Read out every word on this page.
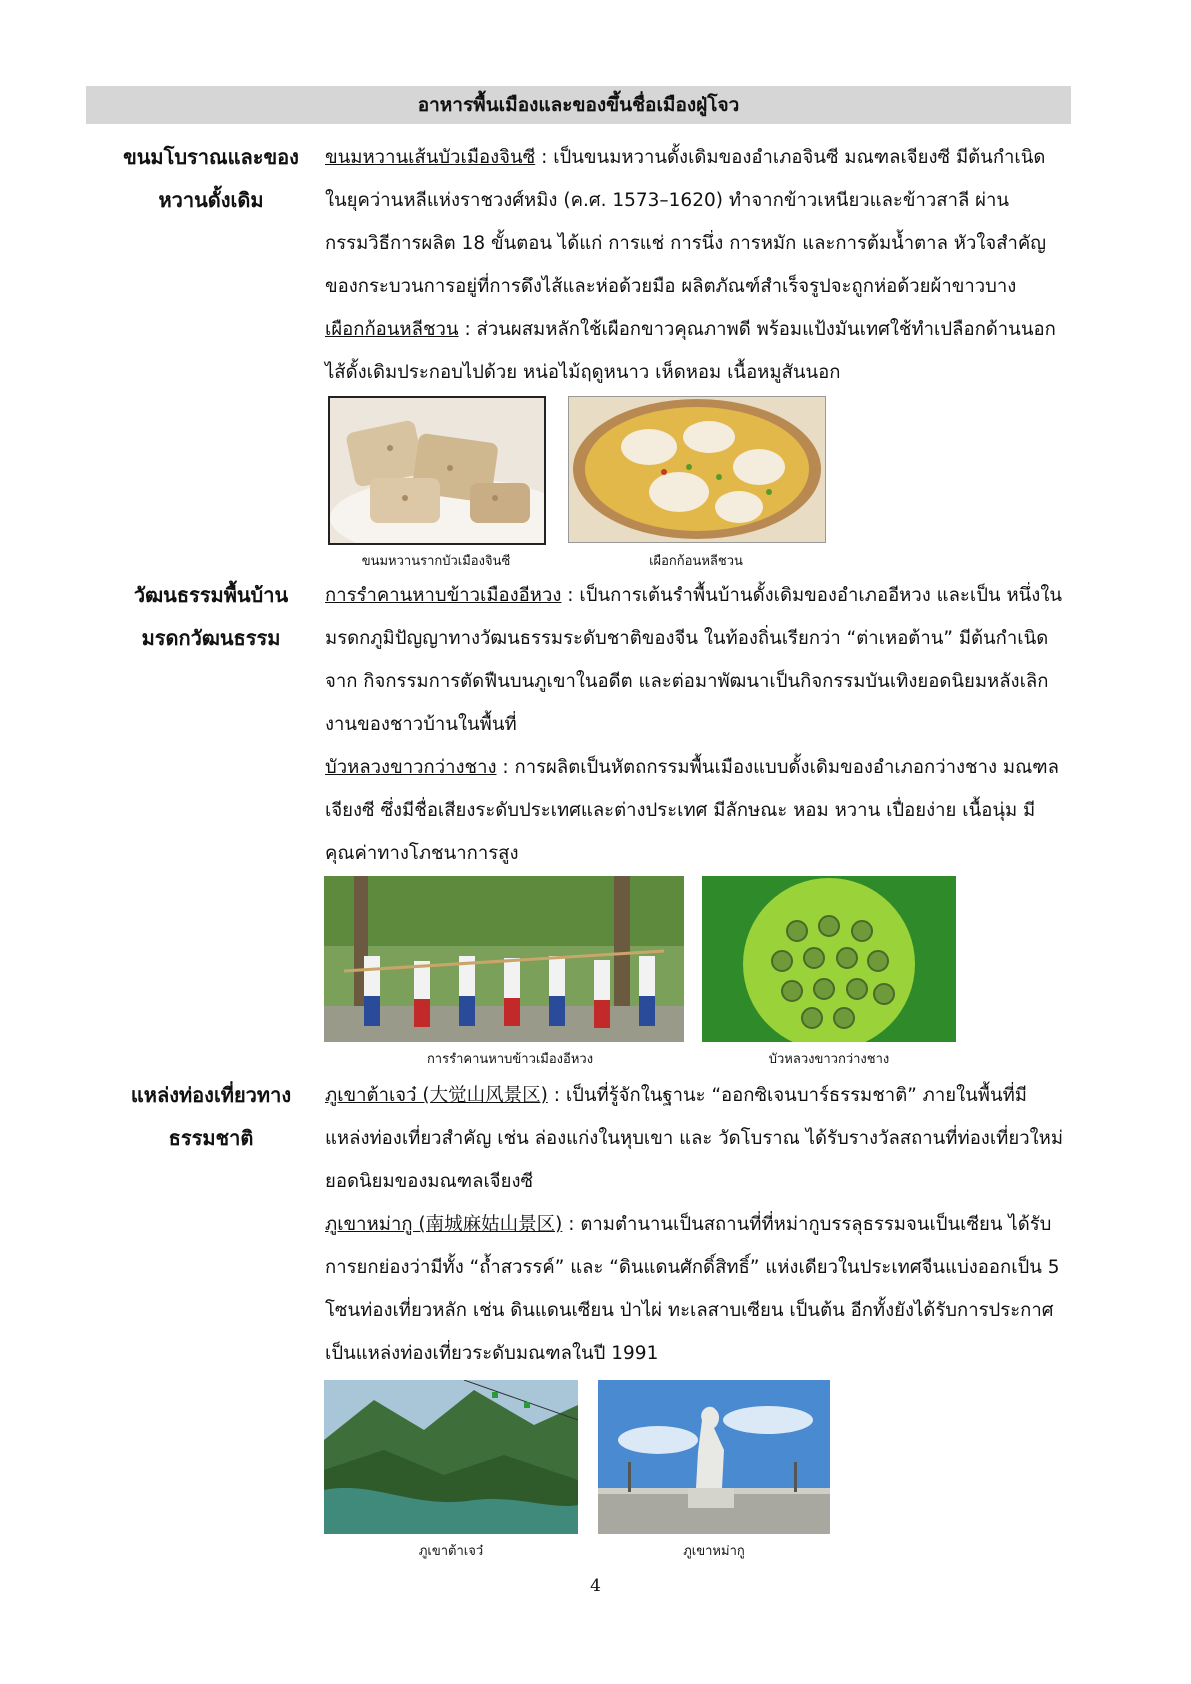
อาหารพื้นเมืองและของขึ้นชื่อเมืองฝู่โจว
ขนมโบราณและของ
หวานดั้งเดิม

ขนมหวานเส้นบัวเมืองจินซี : เป็นขนมหวานดั้งเดิมของอำเภอจินซี มณฑลเจียงซี มีต้นกำเนิดในยุคว่านหลีแห่งราชวงศ์หมิง (ค.ศ. 1573–1620) ทำจากข้าวเหนียวและข้าวสาลี ผ่านกรรมวิธีการผลิต 18 ขั้นตอน ได้แก่ การแช่ การนึ่ง การหมัก และการต้มน้ำตาล หัวใจสำคัญของกระบวนการอยู่ที่การดึงไส้และห่อด้วยมือ ผลิตภัณฑ์สำเร็จรูปจะถูกห่อด้วยผ้าขาวบาง

เผือกก้อนหลีชวน : ส่วนผสมหลักใช้เผือกขาวคุณภาพดี พร้อมแป้งมันเทศใช้ทำเปลือกด้านนอก ไส้ดั้งเดิมประกอบไปด้วย หน่อไม้ฤดูหนาว เห็ดหอม เนื้อหมูสันนอก

ขนมหวานรากบัวเมืองจินซี	เผือกก้อนหลีชวน
วัฒนธรรมพื้นบ้าน
มรดกวัฒนธรรม

การรำคานหาบข้าวเมืองอีหวง : เป็นการเต้นรำพื้นบ้านดั้งเดิมของอำเภออีหวง และเป็น หนึ่งในมรดกภูมิปัญญาทางวัฒนธรรมระดับชาติของจีน ในท้องถิ่นเรียกว่า “ต่าเหอต้าน” มีต้นกำเนิดจาก กิจกรรมการตัดฟืนบนภูเขาในอดีต และต่อมาพัฒนาเป็นกิจกรรมบันเทิงยอดนิยมหลังเลิกงานของชาวบ้านในพื้นที่

บัวหลวงขาวกว่างชาง : การผลิตเป็นหัตถกรรมพื้นเมืองแบบดั้งเดิมของอำเภอกว่างชาง มณฑลเจียงซี ซึ่งมีชื่อเสียงระดับประเทศและต่างประเทศ มีลักษณะ หอม หวาน เปื่อยง่าย เนื้อนุ่ม มีคุณค่าทางโภชนาการสูง

การรำคานหาบข้าวเมืองอีหวง	บัวหลวงขาวกว่างชาง
แหล่งท่องเที่ยวทาง
ธรรมชาติ

ภูเขาต้าเจว๋ (大觉山风景区) : เป็นที่รู้จักในฐานะ “ออกซิเจนบาร์ธรรมชาติ” ภายในพื้นที่มีแหล่งท่องเที่ยวสำคัญ เช่น ล่องแก่งในหุบเขา และ วัดโบราณ ได้รับรางวัลสถานที่ท่องเที่ยวใหม่ยอดนิยมของมณฑลเจียงซี

ภูเขาหม่ากู (南城麻姑山景区) : ตามตำนานเป็นสถานที่ที่หม่ากูบรรลุธรรมจนเป็นเซียน ได้รับการยกย่องว่ามีทั้ง “ถ้ำสวรรค์” และ “ดินแดนศักดิ์สิทธิ์” แห่งเดียวในประเทศจีนแบ่งออกเป็น 5 โซนท่องเที่ยวหลัก เช่น ดินแดนเซียน ป่าไผ่ ทะเลสาบเซียน เป็นต้น อีกทั้งยังได้รับการประกาศเป็นแหล่งท่องเที่ยวระดับมณฑลในปี 1991

ภูเขาต้าเจว๋	ภูเขาหม่ากู
4
